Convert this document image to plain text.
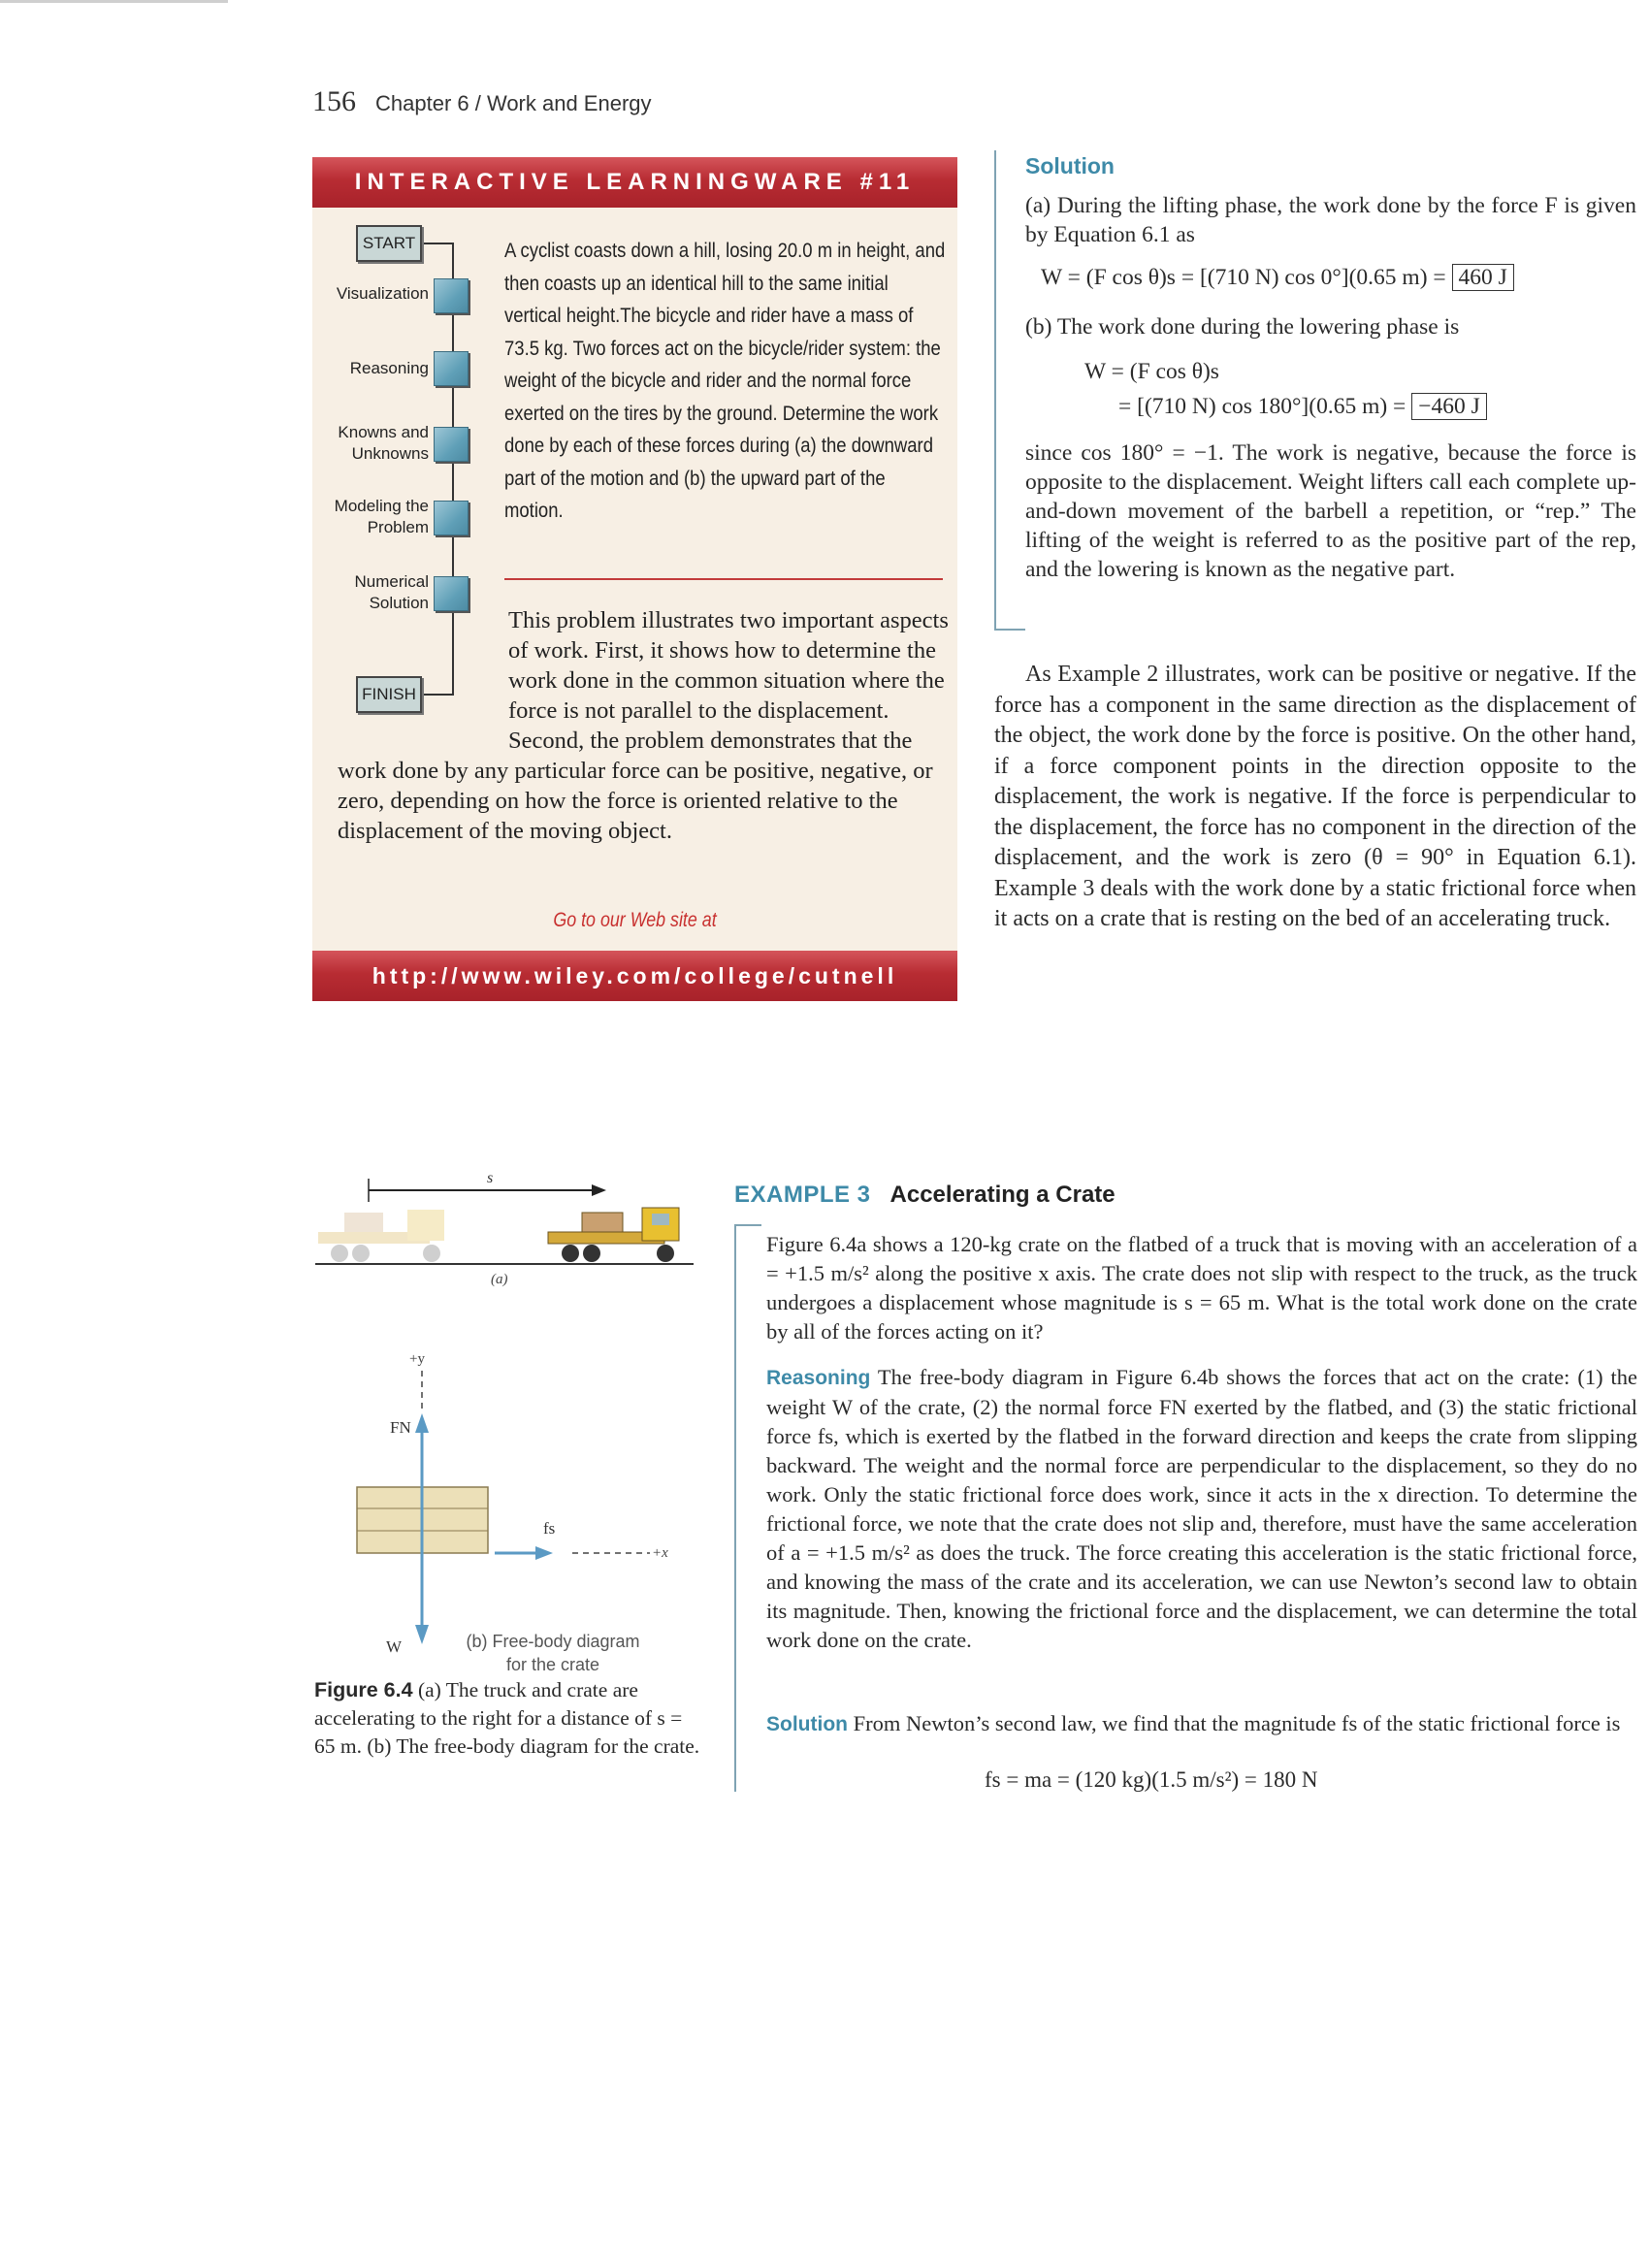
156 Chapter 6 / Work and Energy
INTERACTIVE LEARNINGWARE #11
START
FINISH
Visualization
Reasoning
Knowns and Unknowns
Modeling the Problem
Numerical Solution
A cyclist coasts down a hill, losing 20.0 m in height, and then coasts up an identical hill to the same initial vertical height.The bicycle and rider have a mass of 73.5 kg. Two forces act on the bicycle/rider system: the weight of the bicycle and rider and the normal force exerted on the tires by the ground. Determine the work done by each of these forces during (a) the downward part of the motion and (b) the upward part of the motion.
Go to our Web site at
http://www.wiley.com/college/cutnell
This problem illustrates two important aspects of work. First, it shows how to determine the work done in the common situation where the force is not parallel to the displacement. Second, the problem demonstrates that the work done by any particular force can be positive, negative, or zero, depending on how the force is oriented relative to the displacement of the moving object.
Solution
(a) During the lifting phase, the work done by the force F is given by Equation 6.1 as
W = (F cos θ)s = [(710 N) cos 0°](0.65 m) = 460 J
(b) The work done during the lowering phase is
W = (F cos θ)s
= [(710 N) cos 180°](0.65 m) = −460 J
since cos 180° = −1. The work is negative, because the force is opposite to the displacement. Weight lifters call each complete up-and-down movement of the barbell a repetition, or “rep.” The lifting of the weight is referred to as the positive part of the rep, and the lowering is known as the negative part.
As Example 2 illustrates, work can be positive or negative. If the force has a component in the same direction as the displacement of the object, the work done by the force is positive. On the other hand, if a force component points in the direction opposite to the displacement, the work is negative. If the force is perpendicular to the displacement, the force has no component in the direction of the displacement, and the work is zero (θ = 90° in Equation 6.1). Example 3 deals with the work done by a static frictional force when it acts on a crate that is resting on the bed of an accelerating truck.
s
(a)
+y
FN
fs
+x
W	(b) Free-body diagram
for the crate
Figure 6.4 (a) The truck and crate are accelerating to the right for a distance of s = 65 m. (b) The free-body diagram for the crate.
EXAMPLE 3 Accelerating a Crate
Figure 6.4a shows a 120-kg crate on the flatbed of a truck that is moving with an acceleration of a = +1.5 m/s² along the positive x axis. The crate does not slip with respect to the truck, as the truck undergoes a displacement whose magnitude is s = 65 m. What is the total work done on the crate by all of the forces acting on it?
Reasoning The free-body diagram in Figure 6.4b shows the forces that act on the crate: (1) the weight W of the crate, (2) the normal force FN exerted by the flatbed, and (3) the static frictional force fs, which is exerted by the flatbed in the forward direction and keeps the crate from slipping backward. The weight and the normal force are perpendicular to the displacement, so they do no work. Only the static frictional force does work, since it acts in the x direction. To determine the frictional force, we note that the crate does not slip and, therefore, must have the same acceleration of a = +1.5 m/s² as does the truck. The force creating this acceleration is the static frictional force, and knowing the mass of the crate and its acceleration, we can use Newton’s second law to obtain its magnitude. Then, knowing the frictional force and the displacement, we can determine the total work done on the crate.
Solution From Newton’s second law, we find that the magnitude fs of the static frictional force is
fs = ma = (120 kg)(1.5 m/s²) = 180 N
